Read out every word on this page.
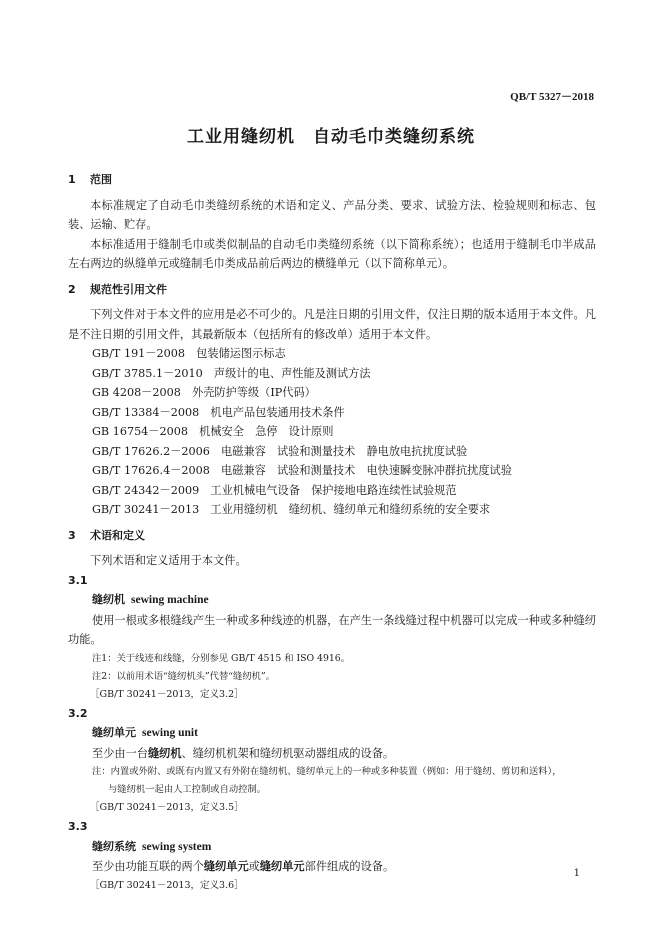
QB/T 5327－2018
工业用缝纫机　自动毛巾类缝纫系统

1 范围

本标准规定了自动毛巾类缝纫系统的术语和定义、产品分类、要求、试验方法、检验规则和标志、包装、运输、贮存。

本标准适用于缝制毛巾或类似制品的自动毛巾类缝纫系统（以下简称系统）；也适用于缝制毛巾半成品左右两边的纵缝单元或缝制毛巾类成品前后两边的横缝单元（以下简称单元）。

2 规范性引用文件

下列文件对于本文件的应用是必不可少的。凡是注日期的引用文件，仅注日期的版本适用于本文件。凡是不注日期的引用文件，其最新版本（包括所有的修改单）适用于本文件。

GB/T 191－2008　包装储运图示标志

GB/T 3785.1－2010　声级计的电、声性能及测试方法

GB 4208－2008　外壳防护等级（IP代码）

GB/T 13384－2008　机电产品包装通用技术条件

GB 16754－2008　机械安全　急停　设计原则

GB/T 17626.2－2006　电磁兼容　试验和测量技术　静电放电抗扰度试验

GB/T 17626.4－2008　电磁兼容　试验和测量技术　电快速瞬变脉冲群抗扰度试验

GB/T 24342－2009　工业机械电气设备　保护接地电路连续性试验规范

GB/T 30241－2013　工业用缝纫机　缝纫机、缝纫单元和缝纫系统的安全要求

3 术语和定义

下列术语和定义适用于本文件。

3.1

缝纫机 sewing machine

使用一根或多根缝线产生一种或多种线迹的机器，在产生一条线缝过程中机器可以完成一种或多种缝纫功能。

注1：关于线迹和线缝，分别参见 GB/T 4515 和 ISO 4916。

注2：以前用术语“缝纫机头”代替“缝纫机”。

［GB/T 30241－2013，定义3.2］

3.2

缝纫单元 sewing unit

至少由一台缝纫机、缝纫机机架和缝纫机驱动器组成的设备。

注：内置或外附、或既有内置又有外附在缝纫机、缝纫单元上的一种或多种装置（例如：用于缝纫、剪切和送料），

与缝纫机一起由人工控制或自动控制。

［GB/T 30241－2013，定义3.5］

3.3

缝纫系统 sewing system

至少由功能互联的两个缝纫单元或缝纫单元部件组成的设备。

［GB/T 30241－2013，定义3.6］

1
